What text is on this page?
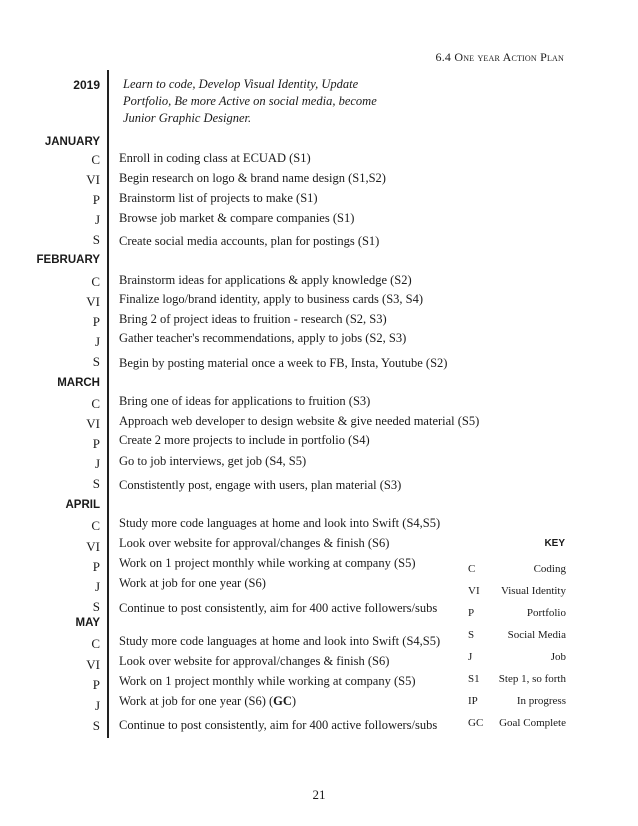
6.4 One year Action Plan
2019 Learn to code, Develop Visual Identity, Update Portfolio, Be more Active on social media, become Junior Graphic Designer.
JANUARY
C Enroll in coding class at ECUAD (S1)
VI Begin research on logo & brand name design (S1,S2)
P Brainstorm list of projects to make (S1)
J Browse job market & compare companies (S1)
S Create social media accounts, plan for postings (S1)
FEBRUARY
C Brainstorm ideas for applications & apply knowledge (S2)
VI Finalize logo/brand identity, apply to business cards (S3, S4)
P Bring 2 of project ideas to fruition - research (S2, S3)
J Gather teacher's recommendations, apply to jobs (S2, S3)
S Begin by posting material once a week to FB, Insta, Youtube (S2)
MARCH
C Bring one of ideas for applications to fruition (S3)
VI Approach web developer to design website & give needed material (S5)
P Create 2 more projects to include in portfolio (S4)
J Go to job interviews, get job (S4, S5)
S Constistently post, engage with users, plan material (S3)
APRIL
C Study more code languages at home and look into Swift (S4,S5)
VI Look over website for approval/changes & finish (S6)
P Work on 1 project monthly while working at company (S5)
J Work at job for one year (S6)
S Continue to post consistently, aim for 400 active followers/subs
MAY
C Study more code languages at home and look into Swift (S4,S5)
VI Look over website for approval/changes & finish (S6)
P Work on 1 project monthly while working at company (S5)
J Work at job for one year (S6) (GC)
S Continue to post consistently, aim for 400 active followers/subs
KEY
C	Coding
VI Visual Identity
P	Portfolio
S	Social Media
J	Job
S1 Step 1, so forth
IP	In progress
GC Goal Complete
21
